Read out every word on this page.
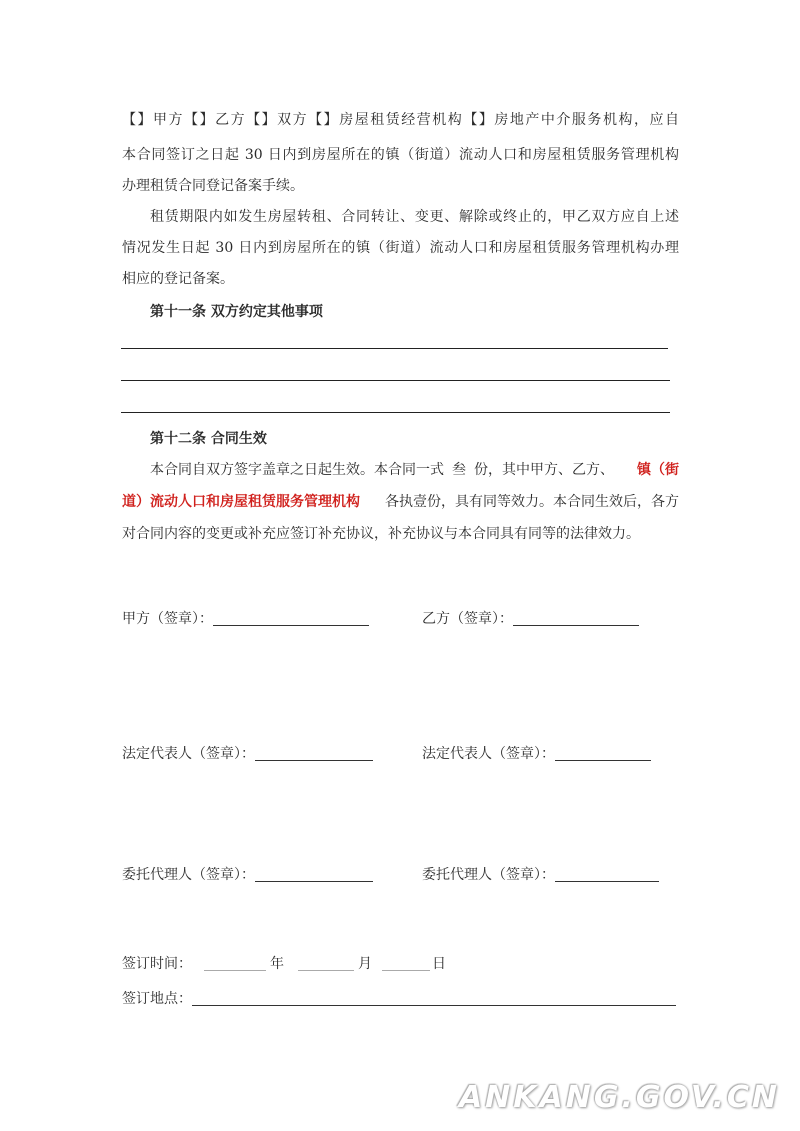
【】甲方【】乙方【】双方【】房屋租赁经营机构【】房地产中介服务机构，应自
本合同签订之日起 30 日内到房屋所在的镇（街道）流动人口和房屋租赁服务管理机构
办理租赁合同登记备案手续。
租赁期限内如发生房屋转租、合同转让、变更、解除或终止的，甲乙双方应自上述
情况发生日起 30 日内到房屋所在的镇（街道）流动人口和房屋租赁服务管理机构办理
相应的登记备案。
第十一条 双方约定其他事项
第十二条 合同生效
本合同自双方签字盖章之日起生效。本合同一式 叁 份，其中甲方、乙方、 镇（街
道）流动人口和房屋租赁服务管理机构 各执壹份，具有同等效力。本合同生效后，各方
对合同内容的变更或补充应签订补充协议，补充协议与本合同具有同等的法律效力。
甲方（签章）：	乙方（签章）：
法定代表人（签章）：	法定代表人（签章）：
委托代理人（签章）：	委托代理人（签章）：
签订时间：	年	月	日
签订地点：
ANKANG.GOV.CN
